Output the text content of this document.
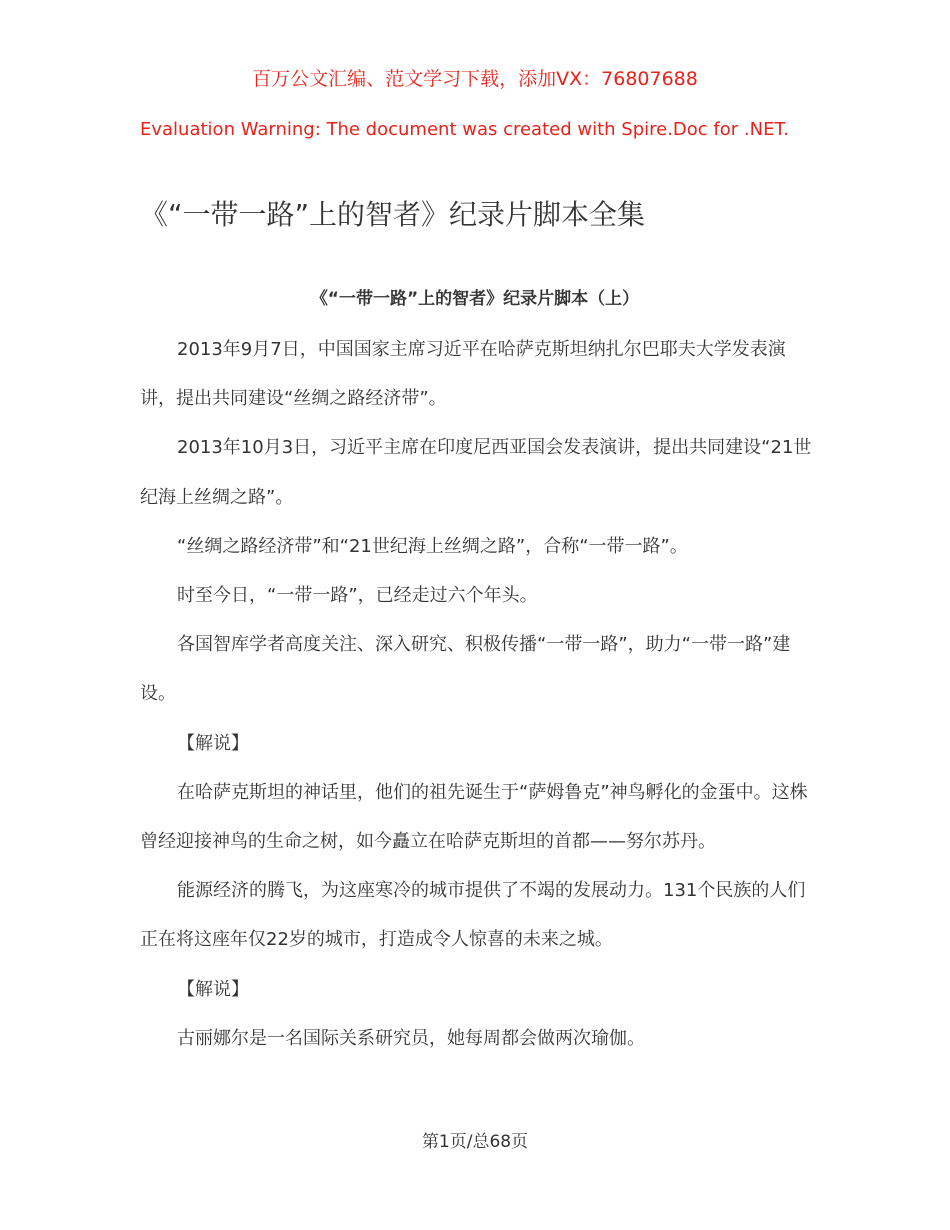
百万公文汇编、范文学习下载，添加VX：76807688
Evaluation Warning: The document was created with Spire.Doc for .NET.
《“一带一路”上的智者》纪录片脚本全集
《“一带一路”上的智者》纪录片脚本（上）

2013年9月7日，中国国家主席习近平在哈萨克斯坦纳扎尔巴耶夫大学发表演讲，提出共同建设“丝绸之路经济带”。

2013年10月3日，习近平主席在印度尼西亚国会发表演讲，提出共同建设“21世纪海上丝绸之路”。

“丝绸之路经济带”和“21世纪海上丝绸之路”，合称“一带一路”。

时至今日，“一带一路”，已经走过六个年头。

各国智库学者高度关注、深入研究、积极传播“一带一路”，助力“一带一路”建设。

【解说】

在哈萨克斯坦的神话里，他们的祖先诞生于“萨姆鲁克”神鸟孵化的金蛋中。这株曾经迎接神鸟的生命之树，如今矗立在哈萨克斯坦的首都——努尔苏丹。

能源经济的腾飞，为这座寒冷的城市提供了不竭的发展动力。131个民族的人们正在将这座年仅22岁的城市，打造成令人惊喜的未来之城。

【解说】

古丽娜尔是一名国际关系研究员，她每周都会做两次瑜伽。

第1页/总68页
